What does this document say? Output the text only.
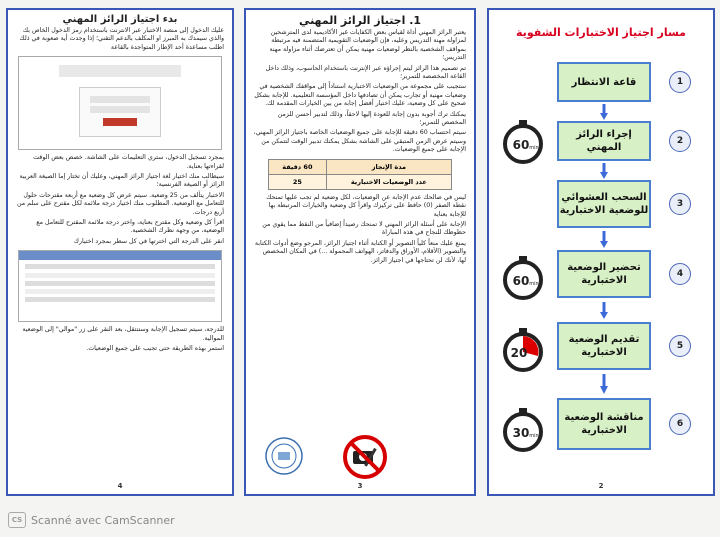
بدء اجتياز الرائز المهني

عليك الدخول إلى منصة الاختبار عبر الانترنت باستخدام رمز الدخول الخاص بك والذي سيمدك به المبرز او المكلف بالدعم التقني؛ إذا وجدت أية صعوبة في ذلك اطلب مساعدة أحد الإطار المتواجدة بالقاعة

بمجرد تسجيل الدخول، ستري التعليمات على الشاشة. خصص بعض الوقت لقراءتها بعناية.

سيطالب منك اختيار لغة اجتياز الرائز المهني، وعليك أن تختار إما الصيغة العربية الرائز أو الصيغة الفرنسية؛

الاختبار يتألف من 25 وضعية. سيتم عرض كل وضعية مع أربعة مقترحات حلول للتعامل مع الوضعية. المطلوب منك اختيار درجة ملائمة لكل مقترح على سلم من أربع درجات.

اقرأ كل وضعية وكل مقترح بعناية، واختر درجة ملائمة المقترح للتعامل مع الوضعية، من وجهة نظرك الشخصية.

انقر على الدرجة التي اخترتها في كل سطر بمجرد اختيارك

للدرجة، سيتم تسجيل الإجابة وستنتقل، بعد النقر على زر "موالي" إلى الوضعية الموالية.

استمر بهذه الطريقة حتى تجيب على جميع الوضعيات.

4
1. اجتياز الرائز المهني

يعتبر الرائز المهني أداة لقياس بعض الكفايات غير الأكاديمية لدى المترشحين لمزاولة مهنة التدريس وعليه، فإن الوضعيات التقويمية المتضمنة فيه مرتبطة بمواقف الشخصية بالنظر لوضعيات مهنية يمكن أن تعترضك أثناء مزاولة مهنة التدريس؛

تم تصميم هذا الرائز ليتم إجراؤه عبر الإنترنت باستخدام الحاسوب، وذلك داخل القاعة المخصصة للتمرير؛

ستجيب على مجموعة من الوضعيات الاختبارية استناداً إلى مواقفك الشخصية في وضعيات مهنية أو تجارب يمكن أن تصادفها داخل المؤسسة التعليمية. للإجابة بشكل صحيح على كل وضعية، عليك اختيار أفضل إجابة من بين الخيارات المقدمة لك.

يمكنك ترك أجوبة بدون إجابة للعودة إليها لاحقاً، وذلك لتدبير أحسن للزمن المخصص للتمرير؛

سيتم احتساب 60 دقيقة للإجابة على جميع الوضعيات الخاصة باجتياز الرائز المهني، وسيتم عرض الزمن المتبقي على الشاشة بشكل يمكنك تدبير الوقت لتتمكن من الإجابة على جميع الوضعيات.

مدة الإنجاز	60 دقيقة
عدد الوضعيات الاختبارية	25

ليس في صالحك عدم الإجابة عن الوضعيات، لكل وضعية لم تجب عليها تمنحك نقطة الصفر (0) حافظ على تركيزك واقرأ كل وضعية والخيارات المرتبطة بها للإجابة بعناية

الإجابة على أسئلة الرائز المهني لا تمنحك رصيداً إضافياً من النقط مما يقوي من حظوظك للنجاح في هذه المباراة

يمنع عليك منعاً كلياً التصوير أو الكتابة أثناء اجتياز الرائز، المرجو وضع أدوات الكتابة والتصوير (الأقلام، الأوراق والدفاتر، الهواتف المحمولة ...) في المكان المخصص لها، لأنك لن تحتاجها في اجتياز الرائز.

3
مسار اجتياز الاختبارات الشفوية
قاعة الانتظار	1
إجراء الرائز المهني
2
السحب العشوائي للوضعية الاختبارية
3
تحضير الوضعية الاختبارية
4
تقديم الوضعية الاختبارية
5
مناقشة الوضعية الاختبارية
6
60 min
60 min
20
30 min
2
CS Scanné avec CamScanner
